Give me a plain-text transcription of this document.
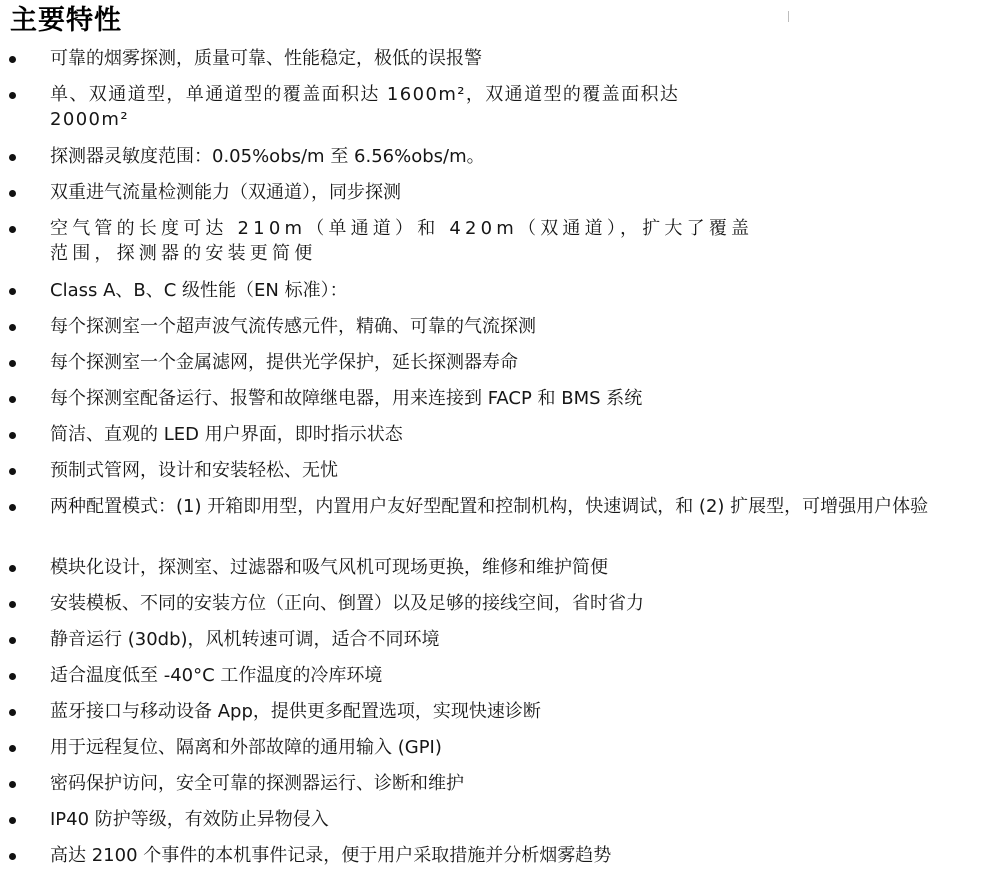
主要特性
可靠的烟雾探测，质量可靠、性能稳定，极低的误报警
单、双通道型，单通道型的覆盖面积达 1600m²，双通道型的覆盖面积达 2000m²
探测器灵敏度范围：0.05%obs/m 至 6.56%obs/m。
双重进气流量检测能力（双通道），同步探测
空气管的长度可达 210m（单通道）和 420m（双通道），扩大了覆盖范围，探测器的安装更简便
Class A、B、C 级性能（EN 标准）：
每个探测室一个超声波气流传感元件，精确、可靠的气流探测
每个探测室一个金属滤网，提供光学保护，延长探测器寿命
每个探测室配备运行、报警和故障继电器，用来连接到 FACP 和 BMS 系统
简洁、直观的 LED 用户界面，即时指示状态
预制式管网，设计和安装轻松、无忧
两种配置模式：(1) 开箱即用型，内置用户友好型配置和控制机构，快速调试，和 (2) 扩展型，可增强用户体验
模块化设计，探测室、过滤器和吸气风机可现场更换，维修和维护简便
安装模板、不同的安装方位（正向、倒置）以及足够的接线空间，省时省力
静音运行 (30db)，风机转速可调，适合不同环境
适合温度低至 -40°C 工作温度的冷库环境
蓝牙接口与移动设备 App，提供更多配置选项，实现快速诊断
用于远程复位、隔离和外部故障的通用输入 (GPI)
密码保护访问，安全可靠的探测器运行、诊断和维护
IP40 防护等级，有效防止异物侵入
高达 2100 个事件的本机事件记录，便于用户采取措施并分析烟雾趋势
